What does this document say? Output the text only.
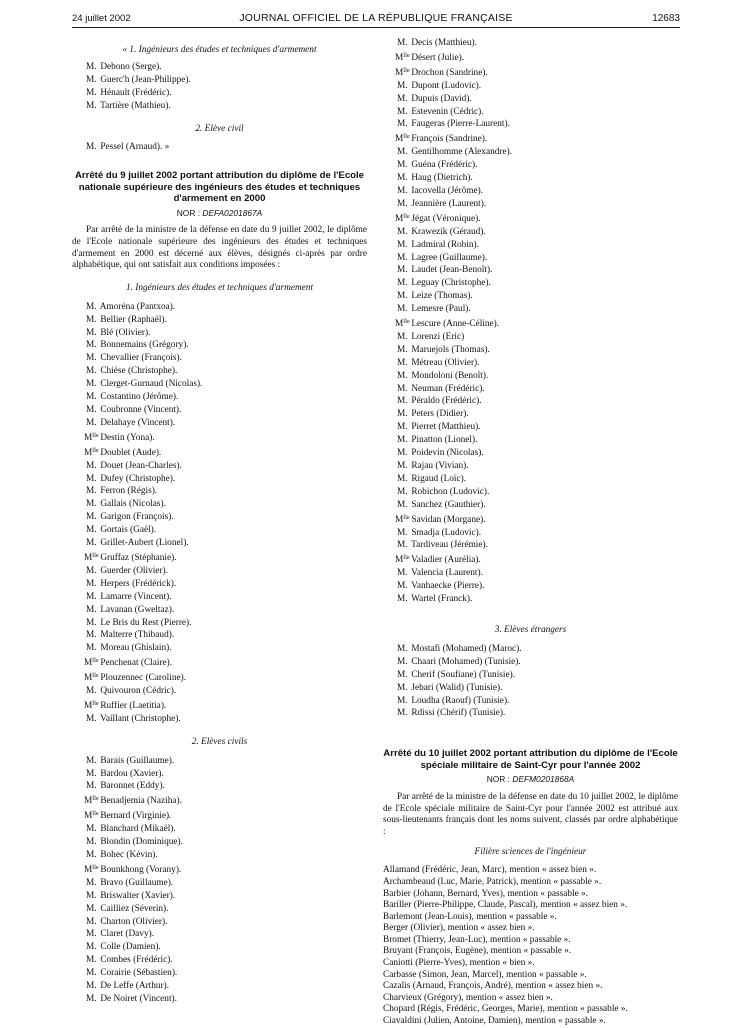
24 juillet 2002	JOURNAL OFFICIEL DE LA RÉPUBLIQUE FRANÇAISE	12683
« 1. Ingénieurs des études et techniques d'armement
M. Debono (Serge).
M. Guerc'h (Jean-Philippe).
M. Hénault (Frédéric).
M. Tartière (Mathieu).
2. Elève civil
M. Pessel (Arnaud). »

Arrêté du 9 juillet 2002 portant attribution du diplôme de l'Ecole nationale supérieure des ingénieurs des études et techniques d'armement en 2000

NOR : DEFA0201867A

Par arrêté de la ministre de la défense en date du 9 juillet 2002, le diplôme de l'Ecole nationale supérieure des ingénieurs des études et techniques d'armement en 2000 est décerné aux élèves, désignés ci-après par ordre alphabétique, qui ont satisfait aux conditions imposées :

1. Ingénieurs des études et techniques d'armement
M. Amoréna (Pantxoa).
M. Bellier (Raphaël).
M. Blé (Olivier).
M. Bonnemains (Grégory).
M. Chevallier (François).
M. Chièse (Christophe).
M. Clerget-Gurnaud (Nicolas).
M. Costantino (Jérôme).
M. Coubronne (Vincent).
M. Delahaye (Vincent).
$M^{lle}$ Destin (Yona).
$M^{lle}$ Doublet (Aude).
M. Douet (Jean-Charles).
M. Dufey (Christophe).
M. Ferron (Régis).
M. Gallais (Nicolas).
M. Garigon (François).
M. Gortais (Gaël).
M. Grillet-Aubert (Lionel).
$M^{lle}$ Gruffaz (Stéphanie).
M. Guerder (Olivier).
M. Herpers (Frédérick).
M. Lamarre (Vincent).
M. Lavanan (Gweltaz).
M. Le Bris du Rest (Pierre).
M. Malterre (Thibaud).
M. Moreau (Ghislain).
$M^{lle}$ Penchenat (Claire).
$M^{lle}$ Plouzennec (Caroline).
M. Quivouron (Cédric).
$M^{lle}$ Ruffier (Laetitia).
M. Vaillant (Christophe).
2. Elèves civils
M. Barais (Guillaume).
M. Bardou (Xavier).
M. Baronnet (Eddy).
$M^{lle}$ Benadjemia (Naziha).
$M^{lle}$ Bernard (Virginie).
M. Blanchard (Mikaël).
M. Blondin (Dominique).
M. Bohec (Kévin).
$M^{lle}$ Bounkhong (Vorany).
M. Bravo (Guillaume).
M. Briswalter (Xavier).
M. Cailliez (Séverin).
M. Charton (Olivier).
M. Claret (Davy).
M. Colle (Damien).
M. Combes (Frédéric).
M. Corairie (Sébastien).
M. De Leffe (Arthur).
M. De Noiret (Vincent).
M. Decis (Matthieu).
$M^{lle}$ Désert (Julie).
$M^{lle}$ Drochon (Sandrine).
M. Dupont (Ludovic).
M. Dupuis (David).
M. Estevenin (Cédric).
M. Faugeras (Pierre-Laurent).
$M^{lle}$ François (Sandrine).
M. Gentilhomme (Alexandre).
M. Guéna (Frédéric).
M. Haug (Dietrich).
M. Iacovella (Jérôme).
M. Jeannière (Laurent).
$M^{lle}$ Jégat (Véronique).
M. Krawezik (Géraud).
M. Ladmiral (Robin).
M. Lagree (Guillaume).
M. Laudet (Jean-Benoît).
M. Leguay (Christophe).
M. Leize (Thomas).
M. Lemesre (Paul).
$M^{lle}$ Lescure (Anne-Céline).
M. Lorenzi (Eric)
M. Maruejols (Thomas).
M. Métreau (Olivier).
M. Mondoloni (Benoît).
M. Neuman (Frédéric).
M. Péraldo (Frédéric).
M. Peters (Didier).
M. Pierret (Matthieu).
M. Pinatton (Lionel).
M. Poidevin (Nicolas).
M. Rajau (Vivian).
M. Rigaud (Loïc).
M. Robichon (Ludovic).
M. Sanchez (Gauthier).
$M^{lle}$ Savidan (Morgane).
M. Smadja (Ludovic).
M. Tardiveau (Jérémie).
$M^{lle}$ Valadier (Aurélia).
M. Valencia (Laurent).
M. Vanhaecke (Pierre).
M. Wartel (Franck).
3. Elèves étrangers
M. Mostafi (Mohamed) (Maroc).
M. Chaari (Mohamed) (Tunisie).
M. Cherif (Soufiane) (Tunisie).
M. Jebari (Walid) (Tunisie).
M. Loudha (Raouf) (Tunisie).
M. Rdissi (Chérif) (Tunisie).

Arrêté du 10 juillet 2002 portant attribution du diplôme de l'Ecole spéciale militaire de Saint-Cyr pour l'année 2002

NOR : DEFM0201868A

Par arrêté de la ministre de la défense en date du 10 juillet 2002, le diplôme de l'Ecole spéciale militaire de Saint-Cyr pour l'année 2002 est attribué aux sous-lieutenants français dont les noms suivent, classés par ordre alphabétique :

Filière sciences de l'ingénieur
Allamand (Frédéric, Jean, Marc), mention « assez bien ».
Archambeaud (Luc, Marie, Patrick), mention « passable ».
Barbier (Johann, Bernard, Yves), mention « passable ».
Bariller (Pierre-Philippe, Claude, Pascal), mention « assez bien ».
Barlemont (Jean-Louis), mention « passable ».
Berger (Olivier), mention « assez bien ».
Bromet (Thierry, Jean-Luc), mention « passable ».
Bruyant (François, Eugène), mention « passable ».
Caniotti (Pierre-Yves), mention « bien ».
Carbasse (Simon, Jean, Marcel), mention « passable ».
Cazalis (Arnaud, François, André), mention « assez bien ».
Charvieux (Grégory), mention « assez bien ».
Chopard (Régis, Frédéric, Georges, Marie), mention « passable ».
Ciavaldini (Julien, Antoine, Damien), mention « passable ».
